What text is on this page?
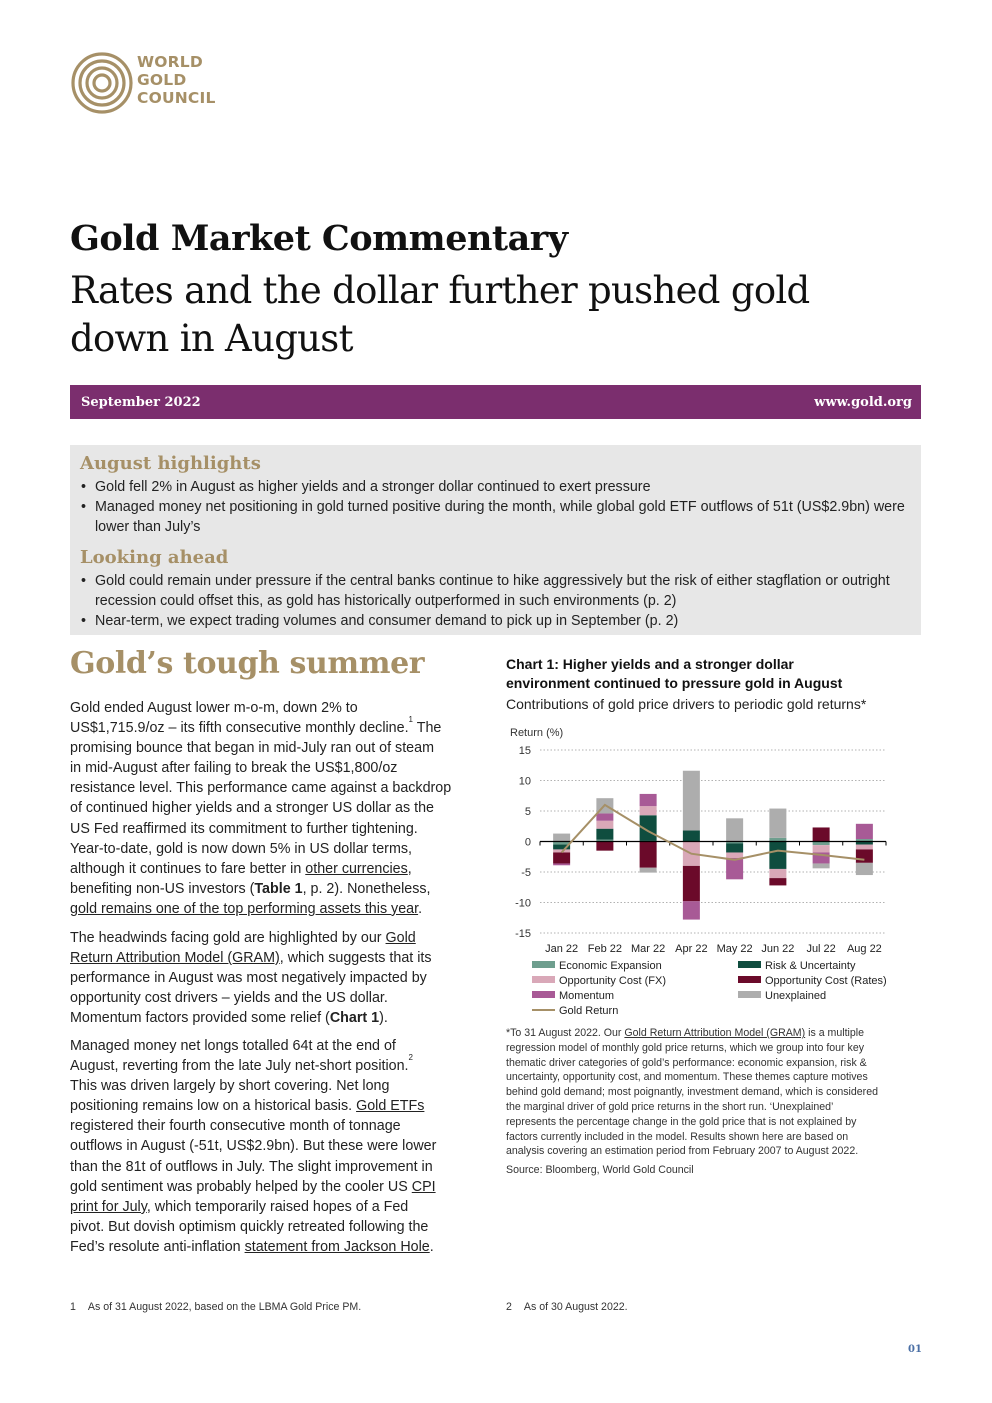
WORLD
GOLD
COUNCIL
Gold Market Commentary
Rates and the dollar further pushed gold
down in August
September 2022	www.gold.org
August highlights
• Gold fell 2% in August as higher yields and a stronger dollar continued to exert pressure
• Managed money net positioning in gold turned positive during the month, while global gold ETF outflows of 51t (US$2.9bn) were lower than July’s
Looking ahead
• Gold could remain under pressure if the central banks continue to hike aggressively but the risk of either stagflation or outright recession could offset this, as gold has historically outperformed in such environments (p. 2)
• Near-term, we expect trading volumes and consumer demand to pick up in September (p. 2)
Gold’s tough summer
Gold ended August lower m-o-m, down 2% to
US$1,715.9/oz – its fifth consecutive monthly decline.$^1$ The
promising bounce that began in mid-July ran out of steam
in mid-August after failing to break the US$1,800/oz
resistance level. This performance came against a backdrop
of continued higher yields and a stronger US dollar as the
US Fed reaffirmed its commitment to further tightening.
Year-to-date, gold is now down 5% in US dollar terms,
although it continues to fare better in other currencies,
benefiting non-US investors (Table 1, p. 2). Nonetheless,
gold remains one of the top performing assets this year.
The headwinds facing gold are highlighted by our Gold
Return Attribution Model (GRAM), which suggests that its
performance in August was most negatively impacted by
opportunity cost drivers – yields and the US dollar.
Momentum factors provided some relief (Chart 1).
Managed money net longs totalled 64t at the end of
August, reverting from the late July net-short position.$^2$
This was driven largely by short covering. Net long
positioning remains low on a historical basis. Gold ETFs
registered their fourth consecutive month of tonnage
outflows in August (-51t, US$2.9bn). But these were lower
than the 81t of outflows in July. The slight improvement in
gold sentiment was probably helped by the cooler US CPI
print for July, which temporarily raised hopes of a Fed
pivot. But dovish optimism quickly retreated following the
Fed’s resolute anti-inflation statement from Jackson Hole.
Chart 1: Higher yields and a stronger dollar
environment continued to pressure gold in August
Contributions of gold price drivers to periodic gold returns*
Return (%)
15
10
5
0
-5
-10
-15
Jan 22 Feb 22 Mar 22 Apr 22 May 22 Jun 22 Jul 22 Aug 22
Economic Expansion	Risk & Uncertainty
Opportunity Cost (FX)	Opportunity Cost (Rates)
Momentum	Unexplained
Gold Return
*To 31 August 2022. Our Gold Return Attribution Model (GRAM) is a multiple
regression model of monthly gold price returns, which we group into four key
thematic driver categories of gold’s performance: economic expansion, risk &
uncertainty, opportunity cost, and momentum. These themes capture motives
behind gold demand; most poignantly, investment demand, which is considered
the marginal driver of gold price returns in the short run. ‘Unexplained’
represents the percentage change in the gold price that is not explained by
factors currently included in the model. Results shown here are based on
analysis covering an estimation period from February 2007 to August 2022.
Source: Bloomberg, World Gold Council
1 As of 31 August 2022, based on the LBMA Gold Price PM.	2 As of 30 August 2022.
01
